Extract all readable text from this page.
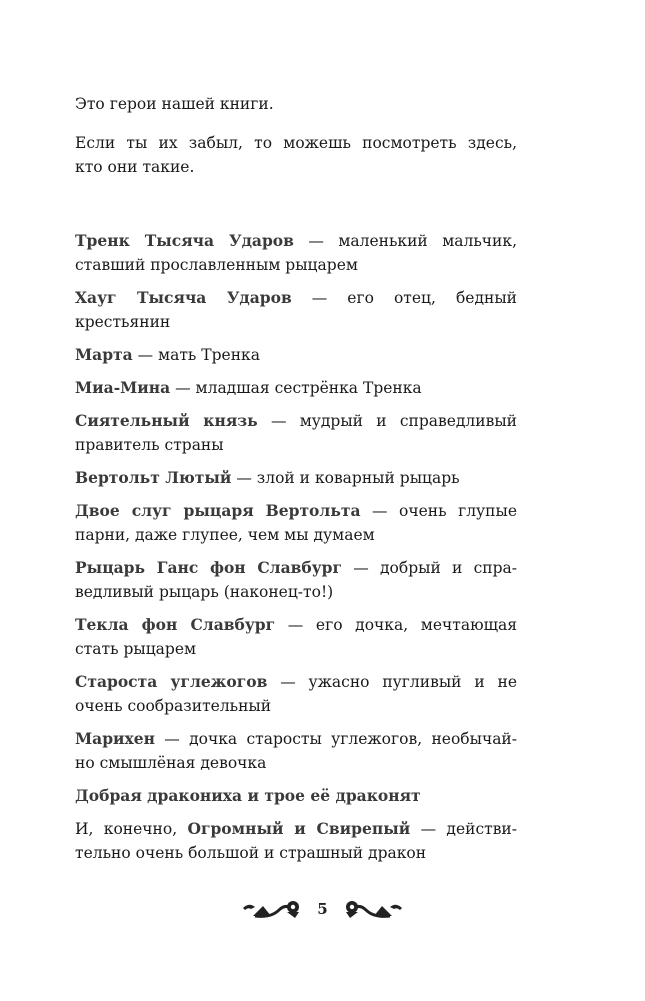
Это герои нашей книги.
Если ты их забыл, то можешь посмотреть здесь,
кто они такие.
Тренк Тысяча Ударов — маленький мальчик,
ставший прославленным рыцарем
Хауг Тысяча Ударов — его отец, бедный
крестьянин
Марта — мать Тренка
Миа-Мина — младшая сестрёнка Тренка
Сиятельный князь — мудрый и справедливый
правитель страны
Вертольт Лютый — злой и коварный рыцарь
Двое слуг рыцаря Вертольта — очень глупые
парни, даже глупее, чем мы думаем
Рыцарь Ганс фон Славбург — добрый и спра-
ведливый рыцарь (наконец-то!)
Текла фон Славбург — его дочка, мечтающая
стать рыцарем
Староста углежогов — ужасно пугливый и не
очень сообразительный
Марихен — дочка старосты углежогов, необычай-
но смышлёная девочка
Добрая дракониха и трое её драконят
И, конечно, Огромный и Свирепый — действи-
тельно очень большой и страшный дракон
5
